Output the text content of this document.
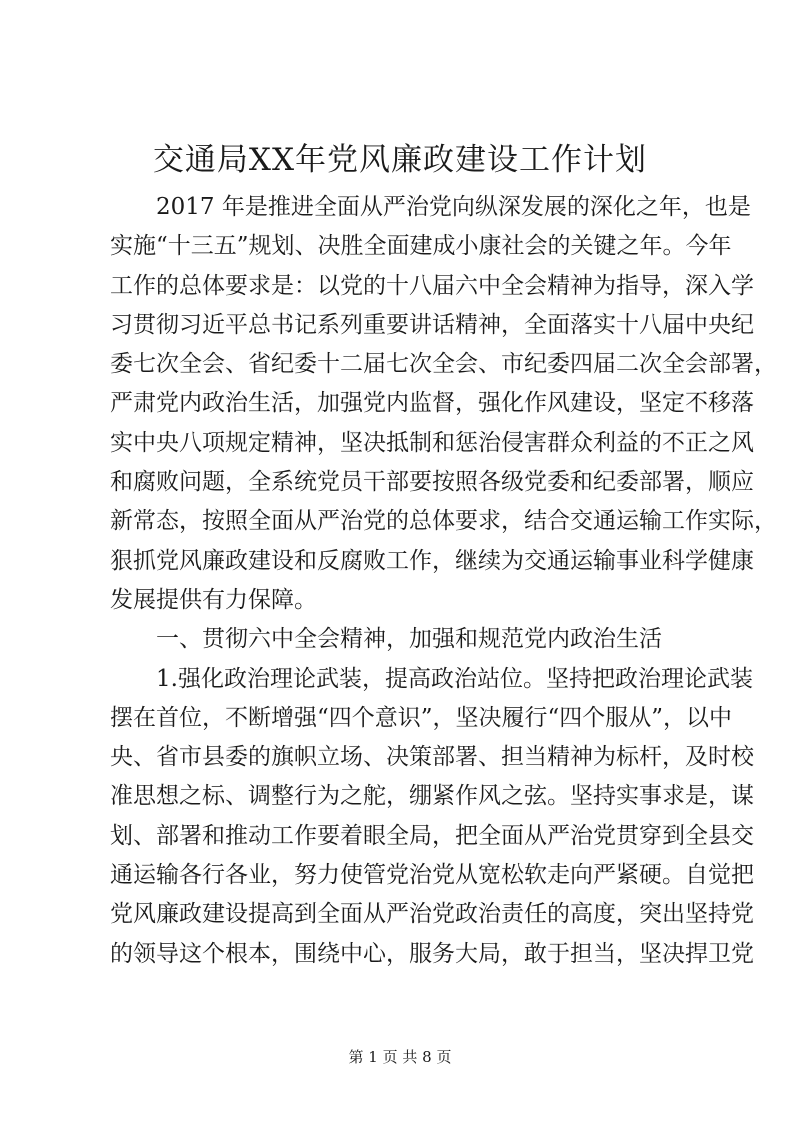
交通局XX年党风廉政建设工作计划
2017 年是推进全面从严治党向纵深发展的深化之年，也是
实施“十三五”规划、决胜全面建成小康社会的关键之年。今年
工作的总体要求是：以党的十八届六中全会精神为指导，深入学
习贯彻习近平总书记系列重要讲话精神，全面落实十八届中央纪
委七次全会、省纪委十二届七次全会、市纪委四届二次全会部署，
严肃党内政治生活，加强党内监督，强化作风建设，坚定不移落
实中央八项规定精神，坚决抵制和惩治侵害群众利益的不正之风
和腐败问题，全系统党员干部要按照各级党委和纪委部署，顺应
新常态，按照全面从严治党的总体要求，结合交通运输工作实际，
狠抓党风廉政建设和反腐败工作，继续为交通运输事业科学健康
发展提供有力保障。
一、贯彻六中全会精神，加强和规范党内政治生活
1.强化政治理论武装，提高政治站位。坚持把政治理论武装
摆在首位，不断增强“四个意识”，坚决履行“四个服从”，以中
央、省市县委的旗帜立场、决策部署、担当精神为标杆，及时校
准思想之标、调整行为之舵，绷紧作风之弦。坚持实事求是，谋
划、部署和推动工作要着眼全局，把全面从严治党贯穿到全县交
通运输各行各业，努力使管党治党从宽松软走向严紧硬。自觉把
党风廉政建设提高到全面从严治党政治责任的高度，突出坚持党
的领导这个根本，围绕中心，服务大局，敢于担当，坚决捍卫党
第 1 页 共 8 页
